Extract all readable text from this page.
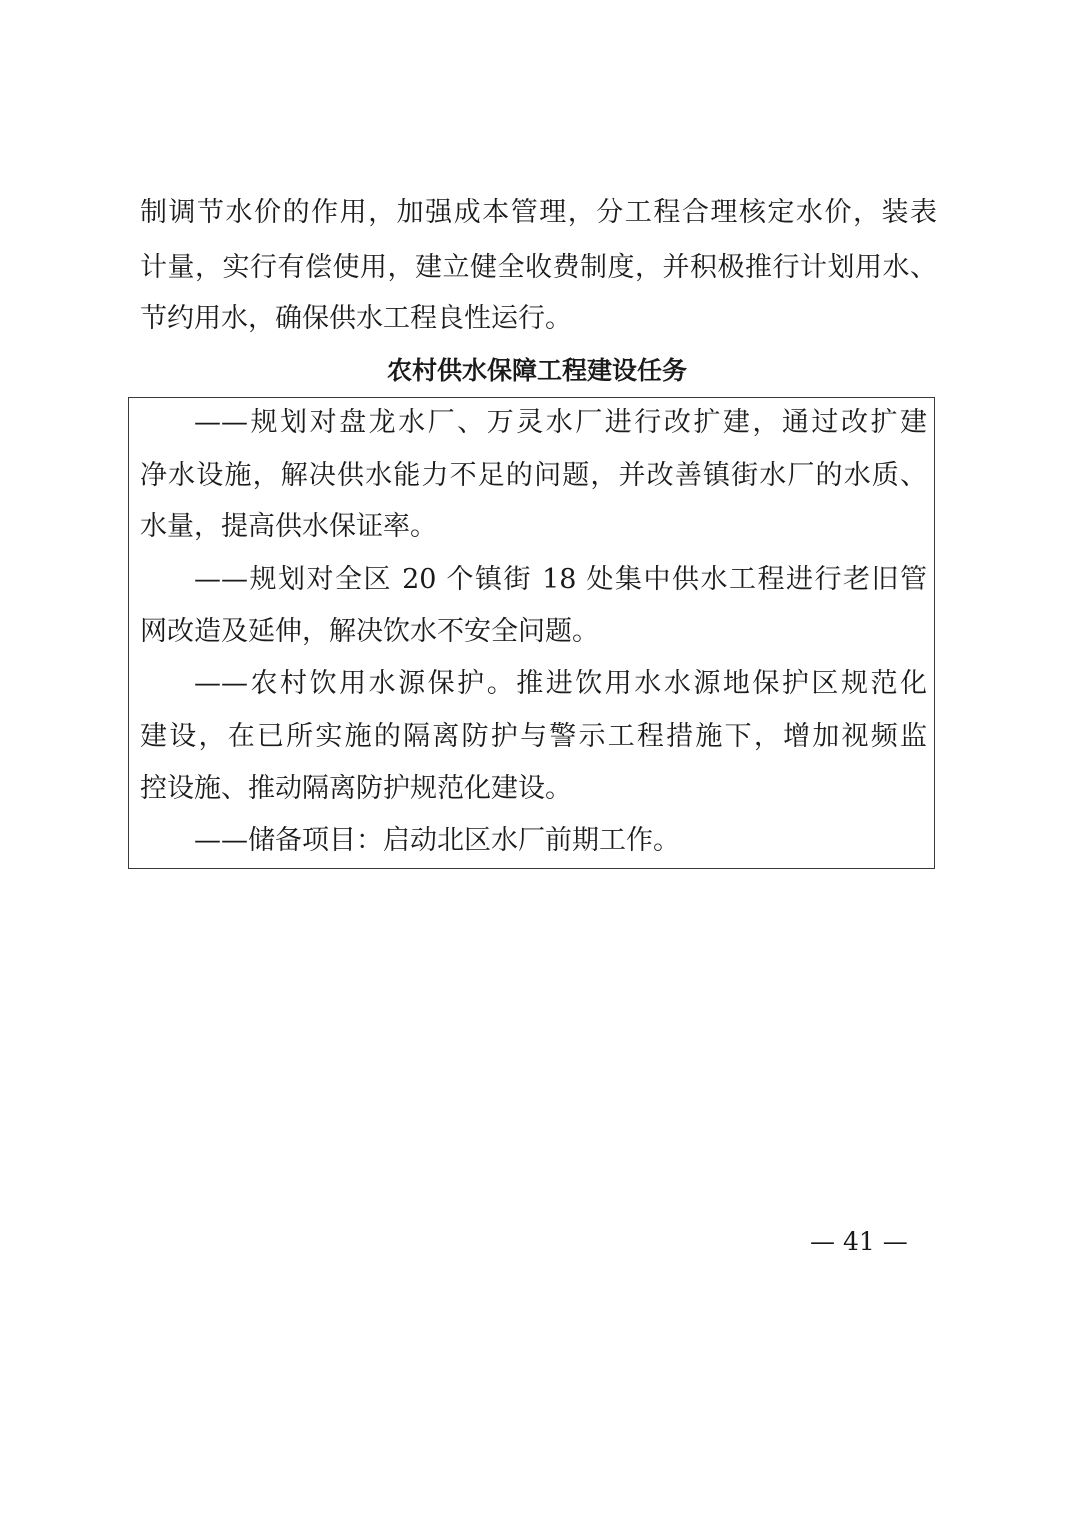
制调节水价的作用，加强成本管理，分工程合理核定水价，装表
计量，实行有偿使用，建立健全收费制度，并积极推行计划用水、
节约用水，确保供水工程良性运行。
农村供水保障工程建设任务
——规划对盘龙水厂、万灵水厂进行改扩建，通过改扩建
净水设施，解决供水能力不足的问题，并改善镇街水厂的水质、
水量，提高供水保证率。
——规划对全区 20 个镇街 18 处集中供水工程进行老旧管
网改造及延伸，解决饮水不安全问题。
——农村饮用水源保护。推进饮用水水源地保护区规范化
建设，在已所实施的隔离防护与警示工程措施下，增加视频监
控设施、推动隔离防护规范化建设。
——储备项目：启动北区水厂前期工作。
— 41 —
